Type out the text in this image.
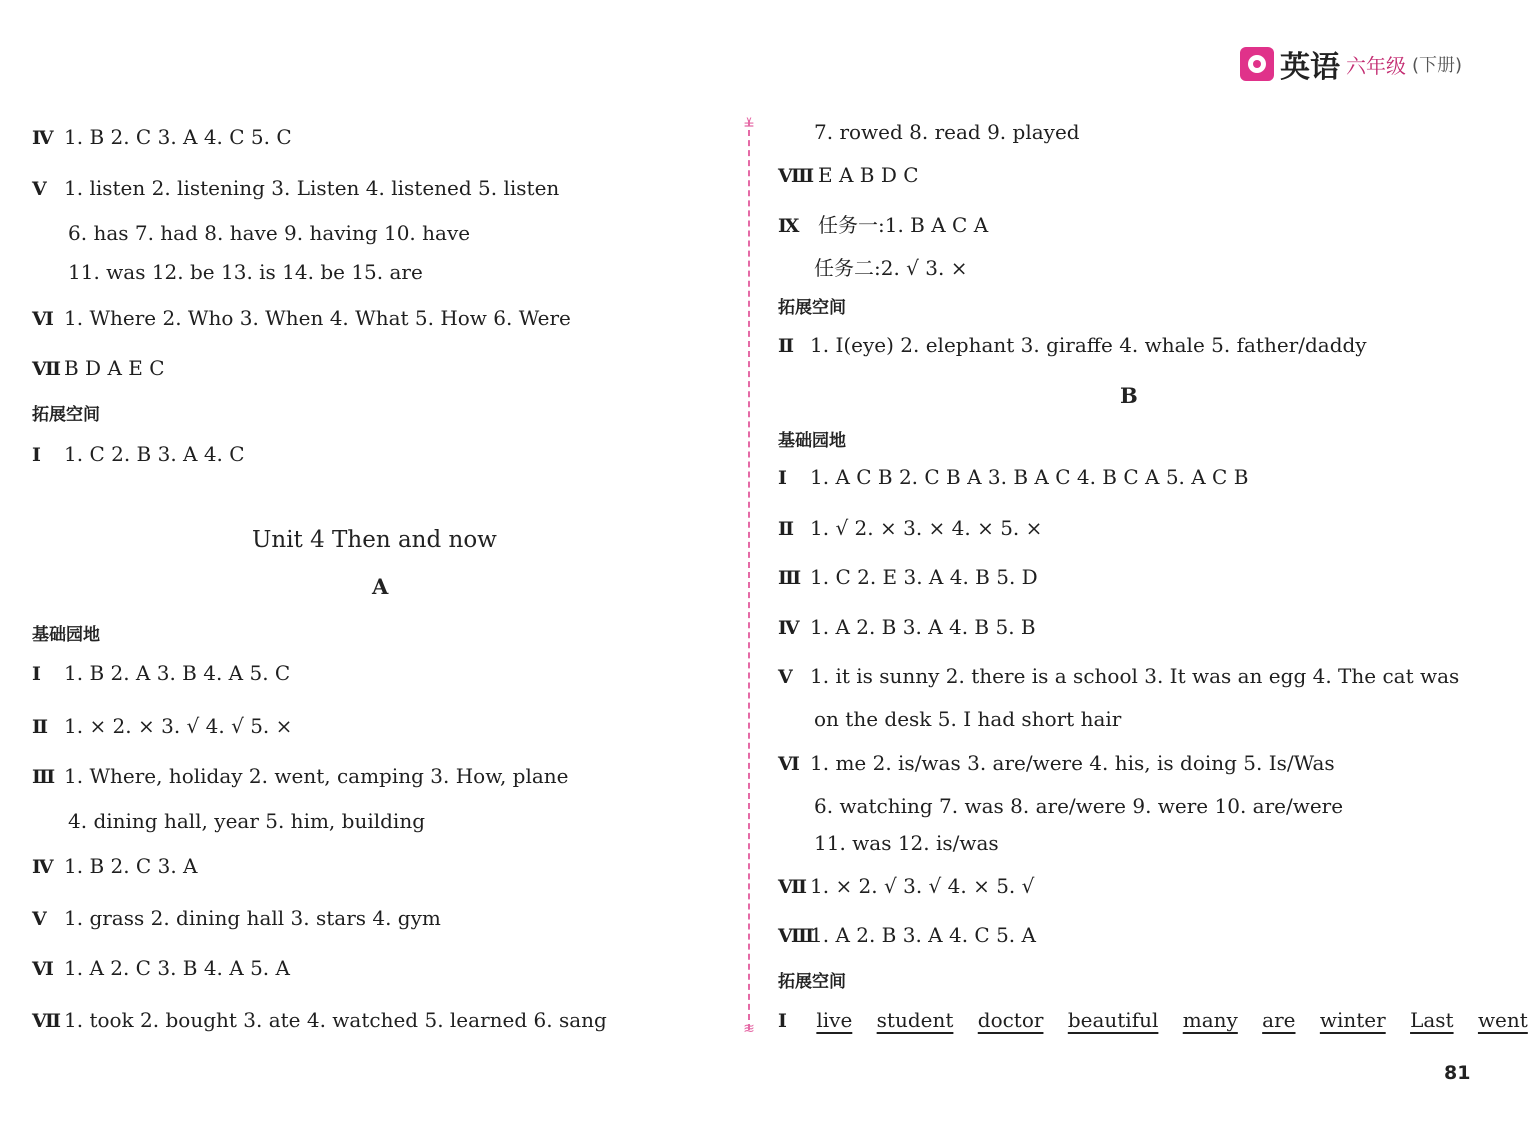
英语 六年级 (下册)
Ⅳ 1. B 2. C 3. A 4. C 5. C
Ⅴ 1. listen 2. listening 3. Listen 4. listened 5. listen
6. has 7. had 8. have 9. having 10. have
11. was 12. be 13. is 14. be 15. are
Ⅵ 1. Where 2. Who 3. When 4. What 5. How 6. Were
Ⅶ B D A E C
拓展空间
Ⅰ 1. C 2. B 3. A 4. C
Unit 4 Then and now
A
基础园地
Ⅰ 1. B 2. A 3. B 4. A 5. C
Ⅱ 1. × 2. × 3. √ 4. √ 5. ×
Ⅲ 1. Where, holiday 2. went, camping 3. How, plane
4. dining hall, year 5. him, building
Ⅳ 1. B 2. C 3. A
Ⅴ 1. grass 2. dining hall 3. stars 4. gym
Ⅵ 1. A 2. C 3. B 4. A 5. A
Ⅶ 1. took 2. bought 3. ate 4. watched 5. learned 6. sang
≚
≋
7. rowed 8. read 9. played
Ⅷ E A B D C
Ⅸ 任务一:1. B A C A
任务二:2. √ 3. ×
拓展空间
Ⅱ 1. I(eye) 2. elephant 3. giraffe 4. whale 5. father/daddy
B
基础园地
Ⅰ 1. A C B 2. C B A 3. B A C 4. B C A 5. A C B
Ⅱ 1. √ 2. × 3. × 4. × 5. ×
Ⅲ 1. C 2. E 3. A 4. B 5. D
Ⅳ 1. A 2. B 3. A 4. B 5. B
Ⅴ 1. it is sunny 2. there is a school 3. It was an egg 4. The cat was
on the desk 5. I had short hair
Ⅵ 1. me 2. is/was 3. are/were 4. his, is doing 5. Is/Was
6. watching 7. was 8. are/were 9. were 10. are/were
11. was 12. is/was
Ⅶ 1. × 2. √ 3. √ 4. × 5. √
Ⅷ1. A 2. B 3. A 4. C 5. A
拓展空间
Ⅰ live student doctor beautiful many are winter Last went
81
